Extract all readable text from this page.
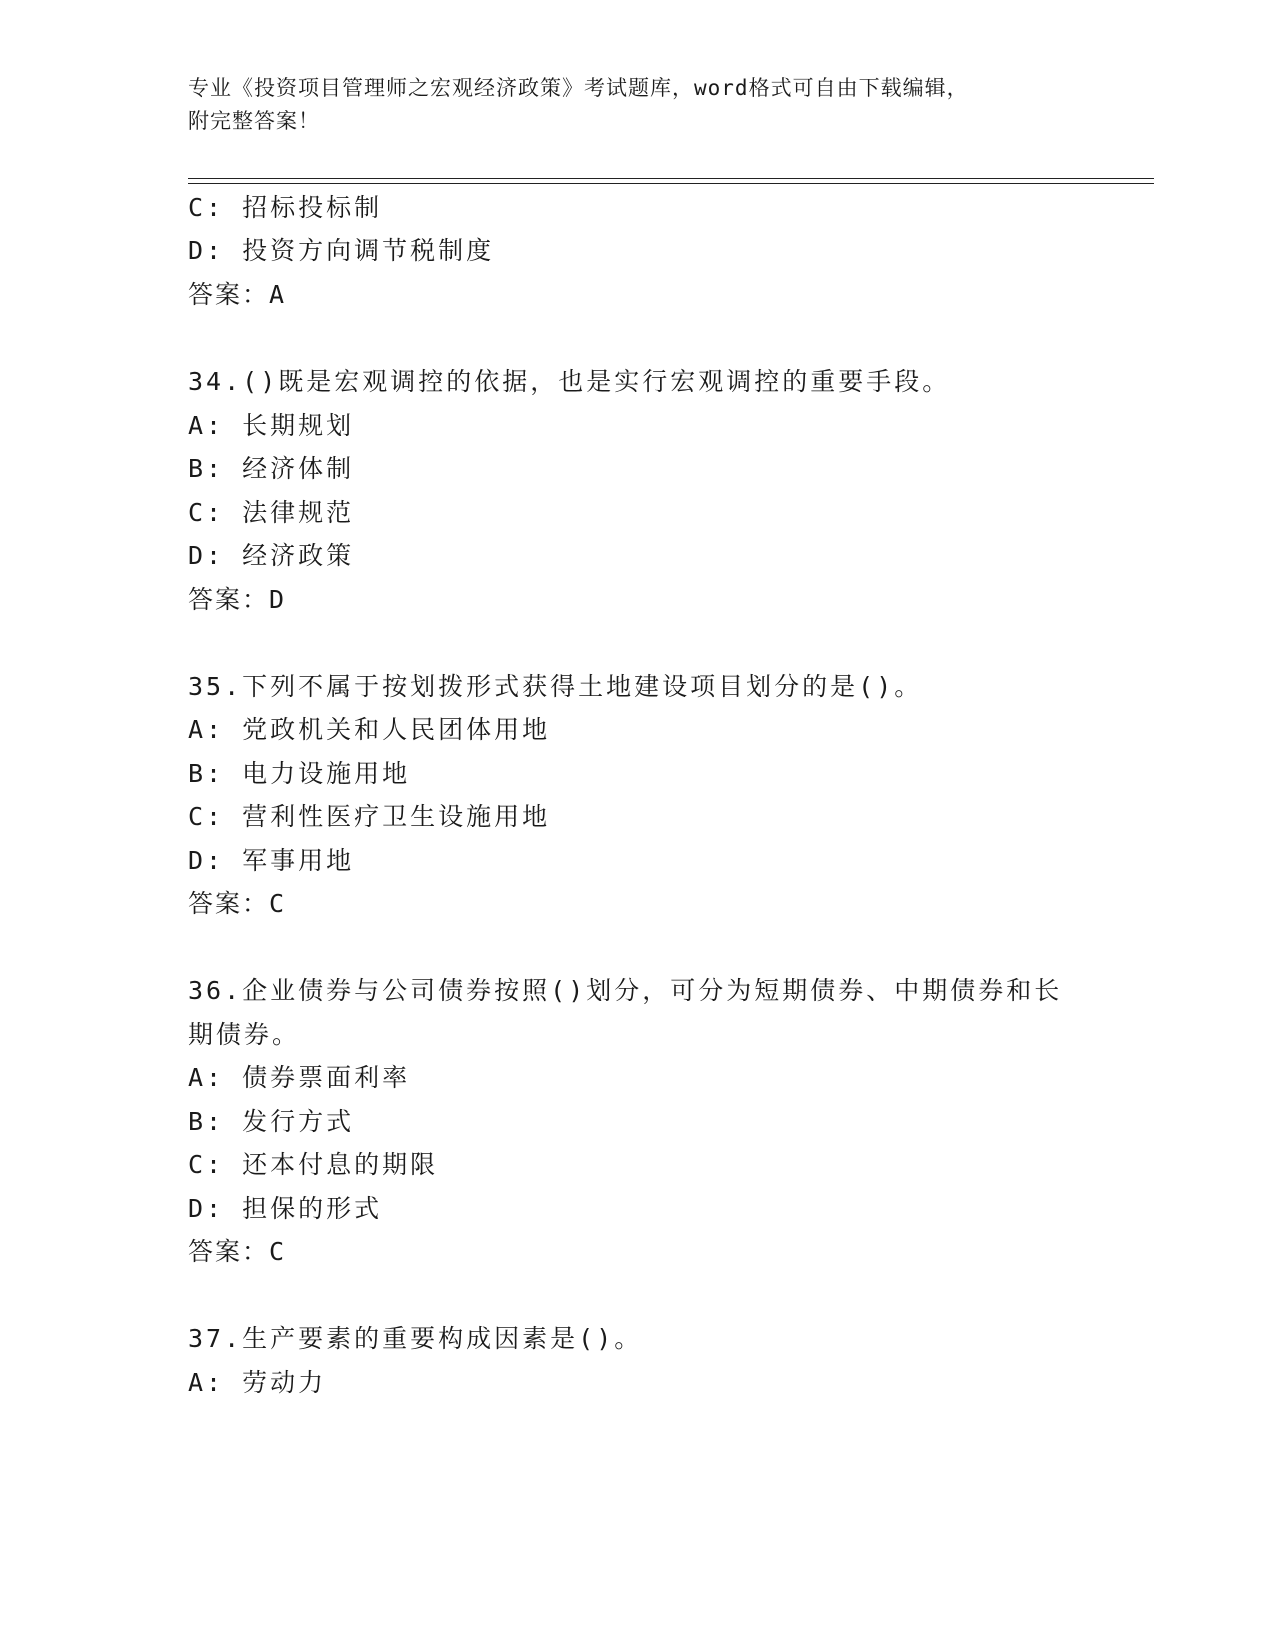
专业《投资项目管理师之宏观经济政策》考试题库，word格式可自由下载编辑，
附完整答案！
C: 招标投标制
D: 投资方向调节税制度
答案：A
34.()既是宏观调控的依据，也是实行宏观调控的重要手段。
A: 长期规划
B: 经济体制
C: 法律规范
D: 经济政策
答案：D
35.下列不属于按划拨形式获得土地建设项目划分的是()。
A: 党政机关和人民团体用地
B: 电力设施用地
C: 营利性医疗卫生设施用地
D: 军事用地
答案：C
36.企业债券与公司债券按照()划分，可分为短期债券、中期债券和长
期债券。
A: 债券票面利率
B: 发行方式
C: 还本付息的期限
D: 担保的形式
答案：C
37.生产要素的重要构成因素是()。
A: 劳动力
